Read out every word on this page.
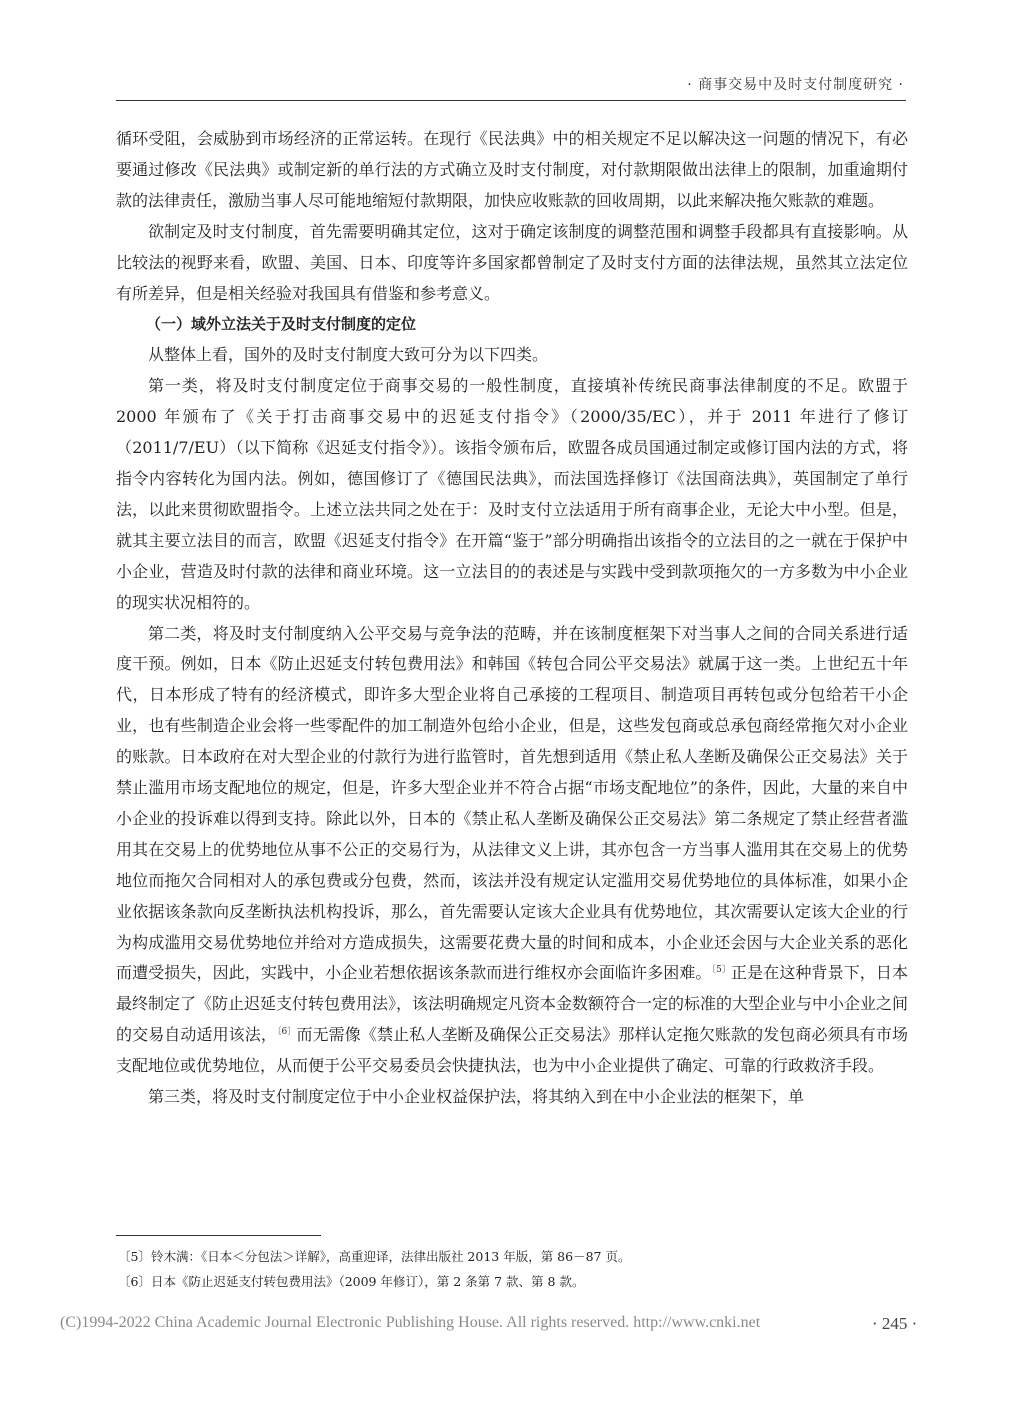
· 商事交易中及时支付制度研究 ·

循环受阻，会威胁到市场经济的正常运转。在现行《民法典》中的相关规定不足以解决这一问题的情况下，有必要通过修改《民法典》或制定新的单行法的方式确立及时支付制度，对付款期限做出法律上的限制，加重逾期付款的法律责任，激励当事人尽可能地缩短付款期限，加快应收账款的回收周期，以此来解决拖欠账款的难题。

欲制定及时支付制度，首先需要明确其定位，这对于确定该制度的调整范围和调整手段都具有直接影响。从比较法的视野来看，欧盟、美国、日本、印度等许多国家都曾制定了及时支付方面的法律法规，虽然其立法定位有所差异，但是相关经验对我国具有借鉴和参考意义。

（一）域外立法关于及时支付制度的定位

从整体上看，国外的及时支付制度大致可分为以下四类。

第一类，将及时支付制度定位于商事交易的一般性制度，直接填补传统民商事法律制度的不足。欧盟于 2000 年颁布了《关于打击商事交易中的迟延支付指令》（2000/35/EC），并于 2011 年进行了修订（2011/7/EU）（以下简称《迟延支付指令》）。该指令颁布后，欧盟各成员国通过制定或修订国内法的方式，将指令内容转化为国内法。例如，德国修订了《德国民法典》，而法国选择修订《法国商法典》，英国制定了单行法，以此来贯彻欧盟指令。上述立法共同之处在于：及时支付立法适用于所有商事企业，无论大中小型。但是，就其主要立法目的而言，欧盟《迟延支付指令》在开篇“鉴于”部分明确指出该指令的立法目的之一就在于保护中小企业，营造及时付款的法律和商业环境。这一立法目的的表述是与实践中受到款项拖欠的一方多数为中小企业的现实状况相符的。

第二类，将及时支付制度纳入公平交易与竞争法的范畴，并在该制度框架下对当事人之间的合同关系进行适度干预。例如，日本《防止迟延支付转包费用法》和韩国《转包合同公平交易法》就属于这一类。上世纪五十年代，日本形成了特有的经济模式，即许多大型企业将自己承接的工程项目、制造项目再转包或分包给若干小企业，也有些制造企业会将一些零配件的加工制造外包给小企业，但是，这些发包商或总承包商经常拖欠对小企业的账款。日本政府在对大型企业的付款行为进行监管时，首先想到适用《禁止私人垄断及确保公正交易法》关于禁止滥用市场支配地位的规定，但是，许多大型企业并不符合占据“市场支配地位”的条件，因此，大量的来自中小企业的投诉难以得到支持。除此以外，日本的《禁止私人垄断及确保公正交易法》第二条规定了禁止经营者滥用其在交易上的优势地位从事不公正的交易行为，从法律文义上讲，其亦包含一方当事人滥用其在交易上的优势地位而拖欠合同相对人的承包费或分包费，然而，该法并没有规定认定滥用交易优势地位的具体标准，如果小企业依据该条款向反垄断执法机构投诉，那么，首先需要认定该大企业具有优势地位，其次需要认定该大企业的行为构成滥用交易优势地位并给对方造成损失，这需要花费大量的时间和成本，小企业还会因与大企业关系的恶化而遭受损失，因此，实践中，小企业若想依据该条款而进行维权亦会面临许多困难。$^{〔5〕}$正是在这种背景下，日本最终制定了《防止迟延支付转包费用法》，该法明确规定凡资本金数额符合一定的标准的大型企业与中小企业之间的交易自动适用该法，$^{〔6〕}$而无需像《禁止私人垄断及确保公正交易法》那样认定拖欠账款的发包商必须具有市场支配地位或优势地位，从而便于公平交易委员会快捷执法，也为中小企业提供了确定、可靠的行政救济手段。

第三类，将及时支付制度定位于中小企业权益保护法，将其纳入到在中小企业法的框架下，单

〔5〕铃木满：《日本＜分包法＞详解》，高重迎译，法律出版社 2013 年版，第 86－87 页。

〔6〕日本《防止迟延支付转包费用法》（2009 年修订），第 2 条第 7 款、第 8 款。

(C)1994-2022 China Academic Journal Electronic Publishing House. All rights reserved. http://www.cnki.net	· 245 ·
